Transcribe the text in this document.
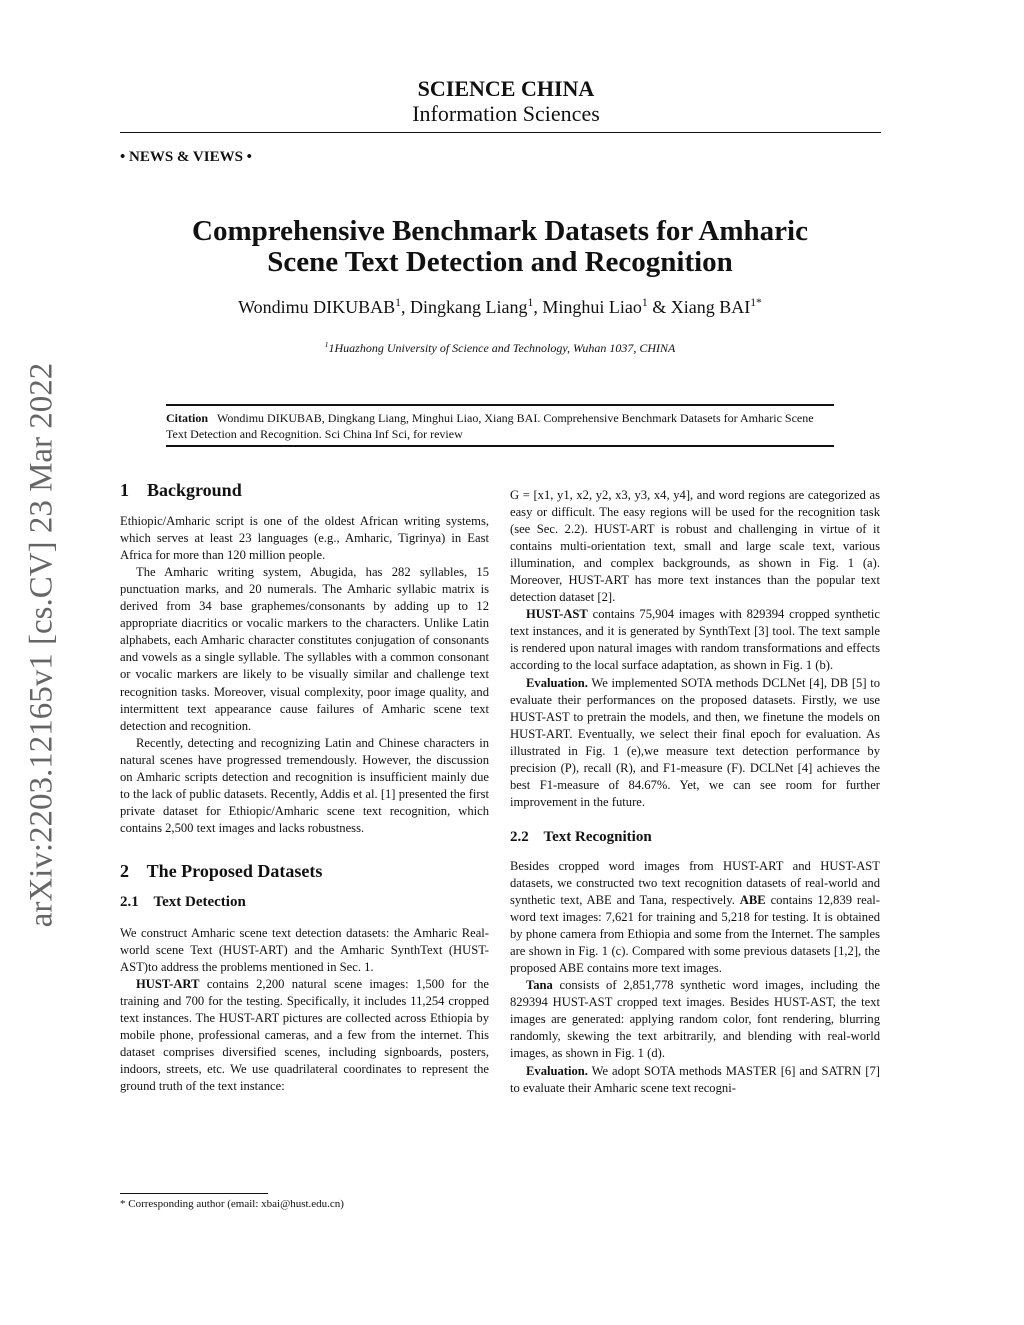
SCIENCE CHINA
Information Sciences
• NEWS & VIEWS •
Comprehensive Benchmark Datasets for Amharic
Scene Text Detection and Recognition
Wondimu DIKUBAB$^1$, Dingkang Liang$^1$, Minghui Liao$^1$ & Xiang $BAI^{1*}$
$^1$1Huazhong University of Science and Technology, Wuhan 1037, CHINA
Citation Wondimu DIKUBAB, Dingkang Liang, Minghui Liao, Xiang BAI. Comprehensive Benchmark Datasets for Amharic Scene Text Detection and Recognition. Sci China Inf Sci, for review
arXiv:2203.12165v1 [cs.CV] 23 Mar 2022	1    Background

Ethiopic/Amharic script is one of the oldest African writing systems, which serves at least 23 languages (e.g., Amharic, Tigrinya) in East Africa for more than 120 million people.

The Amharic writing system, Abugida, has 282 syllables, 15 punctuation marks, and 20 numerals. The Amharic syllabic matrix is derived from 34 base graphemes/consonants by adding up to 12 appropriate diacritics or vocalic markers to the characters. Unlike Latin alphabets, each Amharic character constitutes conjugation of consonants and vowels as a single syllable. The syllables with a common consonant or vocalic markers are likely to be visually similar and challenge text recognition tasks. Moreover, visual complexity, poor image quality, and intermittent text appearance cause failures of Amharic scene text detection and recognition.

Recently, detecting and recognizing Latin and Chinese characters in natural scenes have progressed tremendously. However, the discussion on Amharic scripts detection and recognition is insufficient mainly due to the lack of public datasets. Recently, Addis et al. [1] presented the first private dataset for Ethiopic/Amharic scene text recognition, which contains 2,500 text images and lacks robustness.

2    The Proposed Datasets
2.1    Text Detection

We construct Amharic scene text detection datasets: the Amharic Real-world scene Text (HUST-ART) and the Amharic SynthText (HUST-AST)to address the problems mentioned in Sec. 1.

HUST-ART contains 2,200 natural scene images: 1,500 for the training and 700 for the testing. Specifically, it includes 11,254 cropped text instances. The HUST-ART pictures are collected across Ethiopia by mobile phone, professional cameras, and a few from the internet. This dataset comprises diversified scenes, including signboards, posters, indoors, streets, etc. We use quadrilateral coordinates to represent the ground truth of the text instance:

G = [x1, y1, x2, y2, x3, y3, x4, y4], and word regions are categorized as easy or difficult. The easy regions will be used for the recognition task (see Sec. 2.2). HUST-ART is robust and challenging in virtue of it contains multi-orientation text, small and large scale text, various illumination, and complex backgrounds, as shown in Fig. 1 (a). Moreover, HUST-ART has more text instances than the popular text detection dataset [2].

HUST-AST contains 75,904 images with 829394 cropped synthetic text instances, and it is generated by SynthText [3] tool. The text sample is rendered upon natural images with random transformations and effects according to the local surface adaptation, as shown in Fig. 1 (b).

Evaluation. We implemented SOTA methods DCLNet [4], DB [5] to evaluate their performances on the proposed datasets. Firstly, we use HUST-AST to pretrain the models, and then, we finetune the models on HUST-ART. Eventually, we select their final epoch for evaluation. As illustrated in Fig. 1 (e),we measure text detection performance by precision (P), recall (R), and F1-measure (F). DCLNet [4] achieves the best F1-measure of 84.67%. Yet, we can see room for further improvement in the future.

2.2    Text Recognition

Besides cropped word images from HUST-ART and HUST-AST datasets, we constructed two text recognition datasets of real-world and synthetic text, ABE and Tana, respectively. ABE contains 12,839 real-word text images: 7,621 for training and 5,218 for testing. It is obtained by phone camera from Ethiopia and some from the Internet. The samples are shown in Fig. 1 (c). Compared with some previous datasets [1,2], the proposed ABE contains more text images.

Tana consists of 2,851,778 synthetic word images, including the 829394 HUST-AST cropped text images. Besides HUST-AST, the text images are generated: applying random color, font rendering, blurring randomly, skewing the text arbitrarily, and blending with real-world images, as shown in Fig. 1 (d).

Evaluation. We adopt SOTA methods MASTER [6] and SATRN [7] to evaluate their Amharic scene text recogni-

* Corresponding author (email: xbai@hust.edu.cn)
